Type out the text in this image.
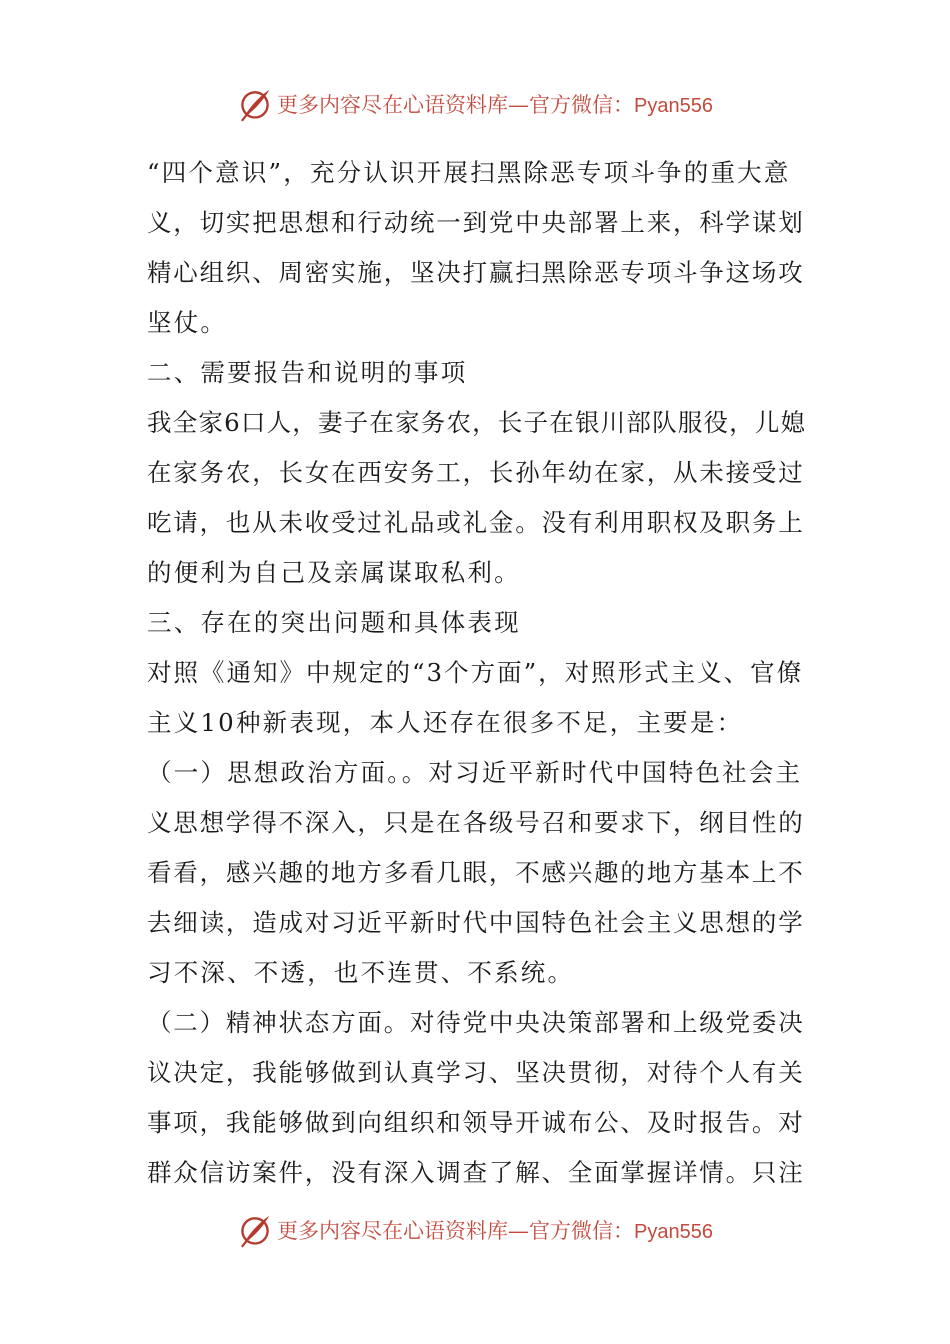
更多内容尽在心语资料库—官方微信：Pyan556
“四个意识”，充分认识开展扫黑除恶专项斗争的重大意
义，切实把思想和行动统一到党中央部署上来，科学谋划
精心组织、周密实施，坚决打赢扫黑除恶专项斗争这场攻
坚仗。
二、需要报告和说明的事项
我全家6口人，妻子在家务农，长子在银川部队服役，儿媳
在家务农，长女在西安务工，长孙年幼在家，从未接受过
吃请，也从未收受过礼品或礼金。没有利用职权及职务上
的便利为自己及亲属谋取私利。
三、存在的突出问题和具体表现
对照《通知》中规定的“3个方面”，对照形式主义、官僚
主义10种新表现，本人还存在很多不足，主要是：
（一）思想政治方面。。对习近平新时代中国特色社会主
义思想学得不深入，只是在各级号召和要求下，纲目性的
看看，感兴趣的地方多看几眼，不感兴趣的地方基本上不
去细读，造成对习近平新时代中国特色社会主义思想的学
习不深、不透，也不连贯、不系统。
（二）精神状态方面。对待党中央决策部署和上级党委决
议决定，我能够做到认真学习、坚决贯彻，对待个人有关
事项，我能够做到向组织和领导开诚布公、及时报告。对
群众信访案件，没有深入调查了解、全面掌握详情。只注
更多内容尽在心语资料库—官方微信：Pyan556
